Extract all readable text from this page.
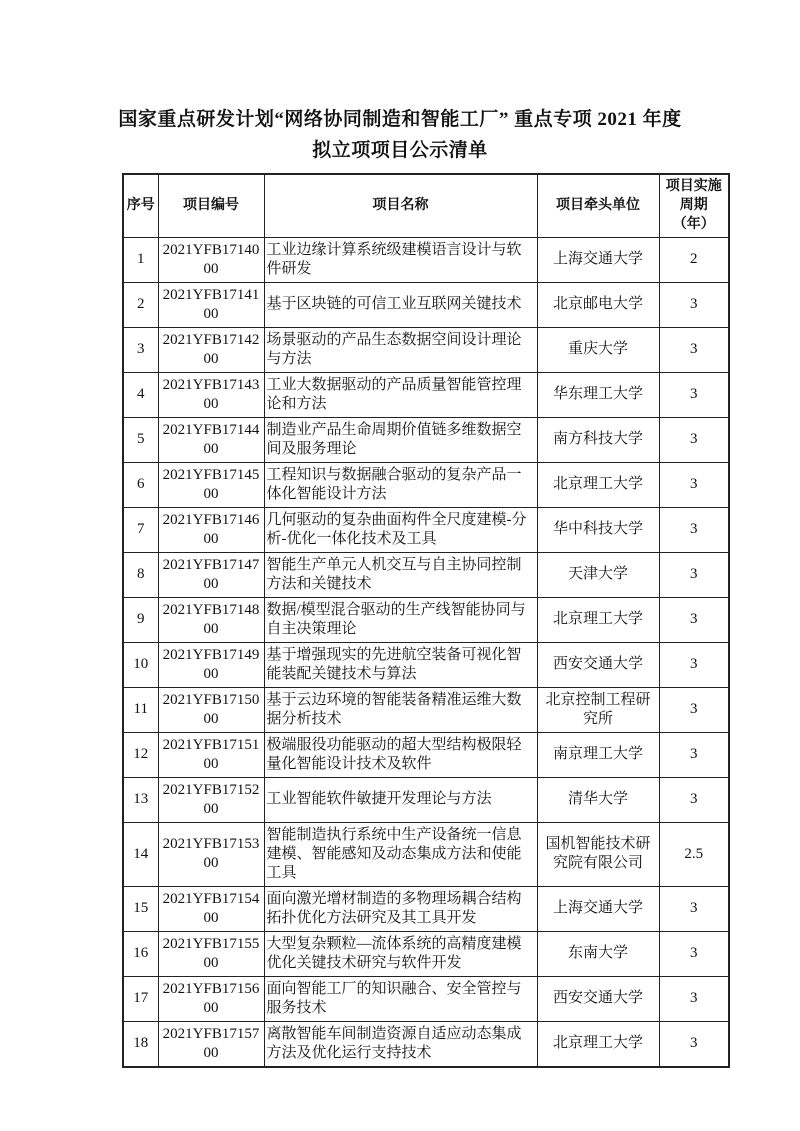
国家重点研发计划“网络协同制造和智能工厂” 重点专项 2021 年度
拟立项项目公示清单
序号	项目编号	项目名称	项目牵头单位	项目实施
周期
（年）

1	2021YFB1714000	工业边缘计算系统级建模语言设计与软件研发	上海交通大学	2
2	2021YFB1714100	基于区块链的可信工业互联网关键技术	北京邮电大学	3
3	2021YFB1714200	场景驱动的产品生态数据空间设计理论与方法	重庆大学	3
4	2021YFB1714300	工业大数据驱动的产品质量智能管控理论和方法	华东理工大学	3
5	2021YFB1714400	制造业产品生命周期价值链多维数据空间及服务理论	南方科技大学	3
6	2021YFB1714500	工程知识与数据融合驱动的复杂产品一体化智能设计方法	北京理工大学	3
7	2021YFB1714600	几何驱动的复杂曲面构件全尺度建模-分析-优化一体化技术及工具	华中科技大学	3
8	2021YFB1714700	智能生产单元人机交互与自主协同控制方法和关键技术	天津大学	3
9	2021YFB1714800	数据/模型混合驱动的生产线智能协同与自主决策理论	北京理工大学	3
10	2021YFB1714900	基于增强现实的先进航空装备可视化智能装配关键技术与算法	西安交通大学	3
11	2021YFB1715000	基于云边环境的智能装备精准运维大数据分析技术	北京控制工程研究所	3
12	2021YFB1715100	极端服役功能驱动的超大型结构极限轻量化智能设计技术及软件	南京理工大学	3
13	2021YFB1715200	工业智能软件敏捷开发理论与方法	清华大学	3
14	2021YFB1715300	智能制造执行系统中生产设备统一信息建模、智能感知及动态集成方法和使能工具	国机智能技术研究院有限公司	2.5
15	2021YFB1715400	面向激光增材制造的多物理场耦合结构拓扑优化方法研究及其工具开发	上海交通大学	3
16	2021YFB1715500	大型复杂颗粒—流体系统的高精度建模优化关键技术研究与软件开发	东南大学	3
17	2021YFB1715600	面向智能工厂的知识融合、安全管控与服务技术	西安交通大学	3
18	2021YFB1715700	离散智能车间制造资源自适应动态集成方法及优化运行支持技术	北京理工大学	3
